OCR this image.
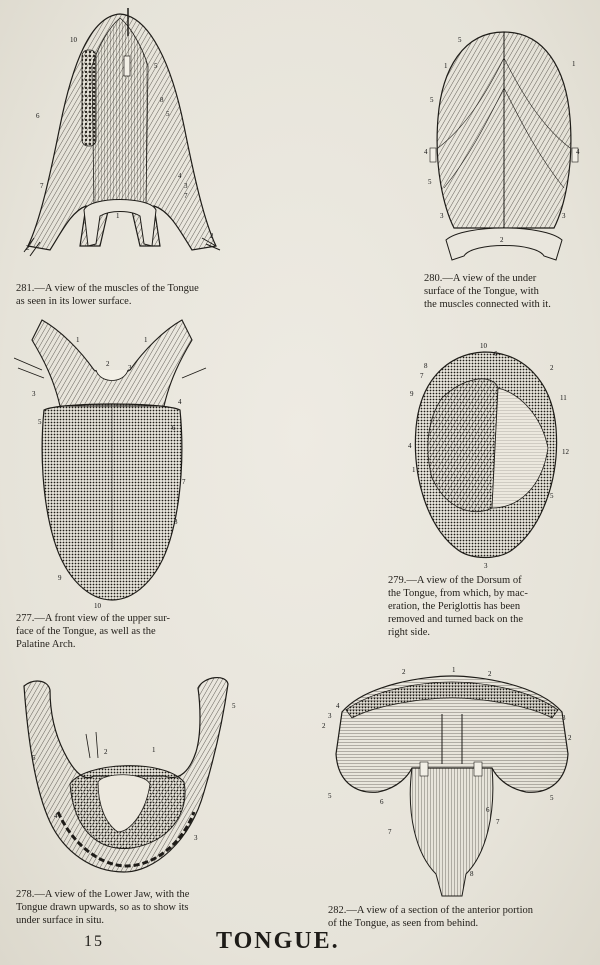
10
5
6
8
5
4
3
7
7
1
2
2
281.—A view of the muscles of the Tongue
as seen in its lower surface.
5
1	1
5
4	4
5
3	3
2
280.—A view of the under
surface of the Tongue, with
the muscles connected with it.
1	1
2	3
3
4
5
6
7
8
9
10
277.—A front view of the upper sur-
face of the Tongue, as well as the
Palatine Arch.
10
6
8
7
2
9	11
4
12
1
5
3
279.—A view of the Dorsum of
the Tongue, from which, by mac-
eration, the Periglottis has been
removed and turned back on the
right side.
5
5
2	1
4
3
278.—A view of the Lower Jaw, with the
Tongue drawn upwards, so as to show its
under surface in situ.
2	1	2
4
3	3
2
2
5	5
6
6
7
7
8
282.—A view of a section of the anterior portion
of the Tongue, as seen from behind.
15	TONGUE.
